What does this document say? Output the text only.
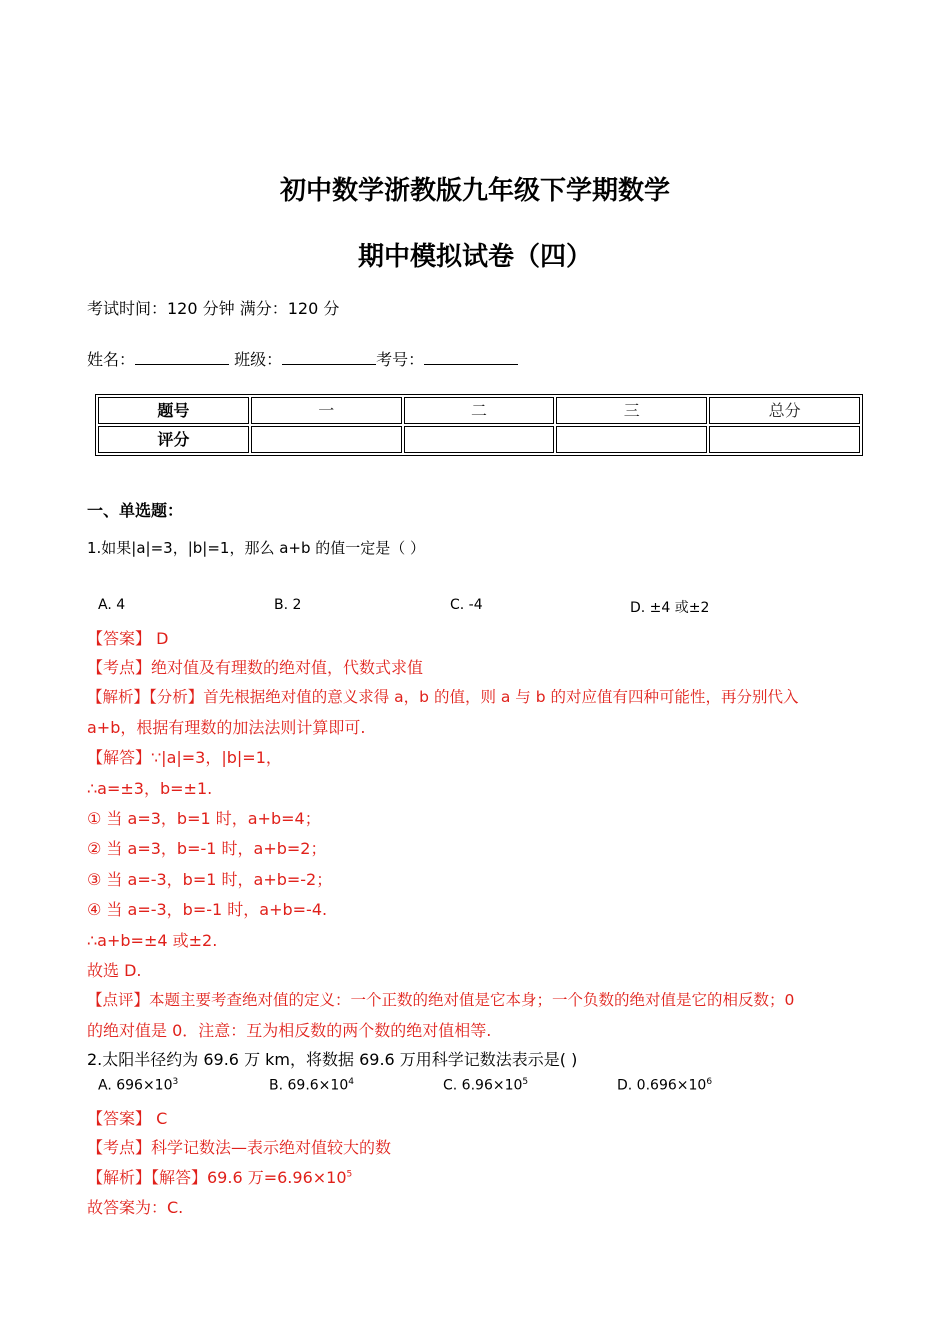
初中数学浙教版九年级下学期数学
期中模拟试卷（四）
考试时间：120 分钟 满分：120 分
姓名：	班级：	考号：
题号	一	二	三	总分
评分				
一、单选题：
1.如果|a|=3，|b|=1，那么 a+b 的值一定是（ ）
A. 4	B. 2	C. -4	D. ±4 或±2
【答案】 D
【考点】绝对值及有理数的绝对值，代数式求值
【解析】【分析】首先根据绝对值的意义求得 a，b 的值，则 a 与 b 的对应值有四种可能性，再分别代入
a+b，根据有理数的加法法则计算即可.
【解答】∵|a|=3，|b|=1，
∴a=±3，b=±1.
① 当 a=3，b=1 时，a+b=4；
② 当 a=3，b=-1 时，a+b=2；
③ 当 a=-3，b=1 时，a+b=-2；
④ 当 a=-3，b=-1 时，a+b=-4.
∴a+b=±4 或±2.
故选 D.
【点评】本题主要考查绝对值的定义：一个正数的绝对值是它本身；一个负数的绝对值是它的相反数；0
的绝对值是 0．注意：互为相反数的两个数的绝对值相等.
2.太阳半径约为 69.6 万 km，将数据 69.6 万用科学记数法表示是( )
A. $696\times 10^3$	B. $69.6\times 10^4$	C. $6.96\times 10^5$	D. $0.696\times 10^6$
【答案】 C
【考点】科学记数法—表示绝对值较大的数
【解析】【解答】69.6 万$=6.96\times 10^5$
故答案为：C.
